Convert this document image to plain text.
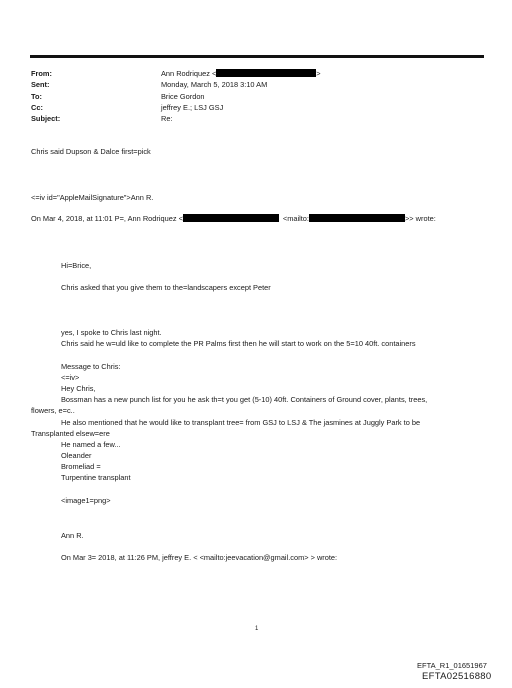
From:	Ann Rodriquez <	>
Sent:	Monday, March 5, 2018 3:10 AM
To:	Brice Gordon
Cc:	jeffrey E.; LSJ GSJ
Subject:	Re:
Chris said Dupson & Dalce first=pick
<=iv id="AppleMailSignature">Ann R.
On Mar 4, 2018, at 11:01 P=, Ann Rodriquez <	<mailto:	>> wrote:
Hi=Brice,
Chris asked that you give them to the=landscapers except Peter
yes, I spoke to Chris last night.
Chris said he w=uld like to complete the PR Palms first then he will start to work on the 5=10 40ft. containers
Message to Chris:
<=iv>
Hey Chris,
Bossman has a new punch list for you he ask th=t you get (5-10) 40ft. Containers of Ground cover, plants, trees,
flowers, e=c..
He also mentioned that he would like to transplant tree= from GSJ to LSJ & The jasmines at Juggly Park to be
Transplanted elsew=ere
He named a few...
Oleander
Bromeliad =
Turpentine transplant
<image1=png>
Ann R.
On Mar 3= 2018, at 11:26 PM, jeffrey E. < <mailto:jeevacation@gmail.com> > wrote:
1
EFTA_R1_01651967
EFTA02516880
